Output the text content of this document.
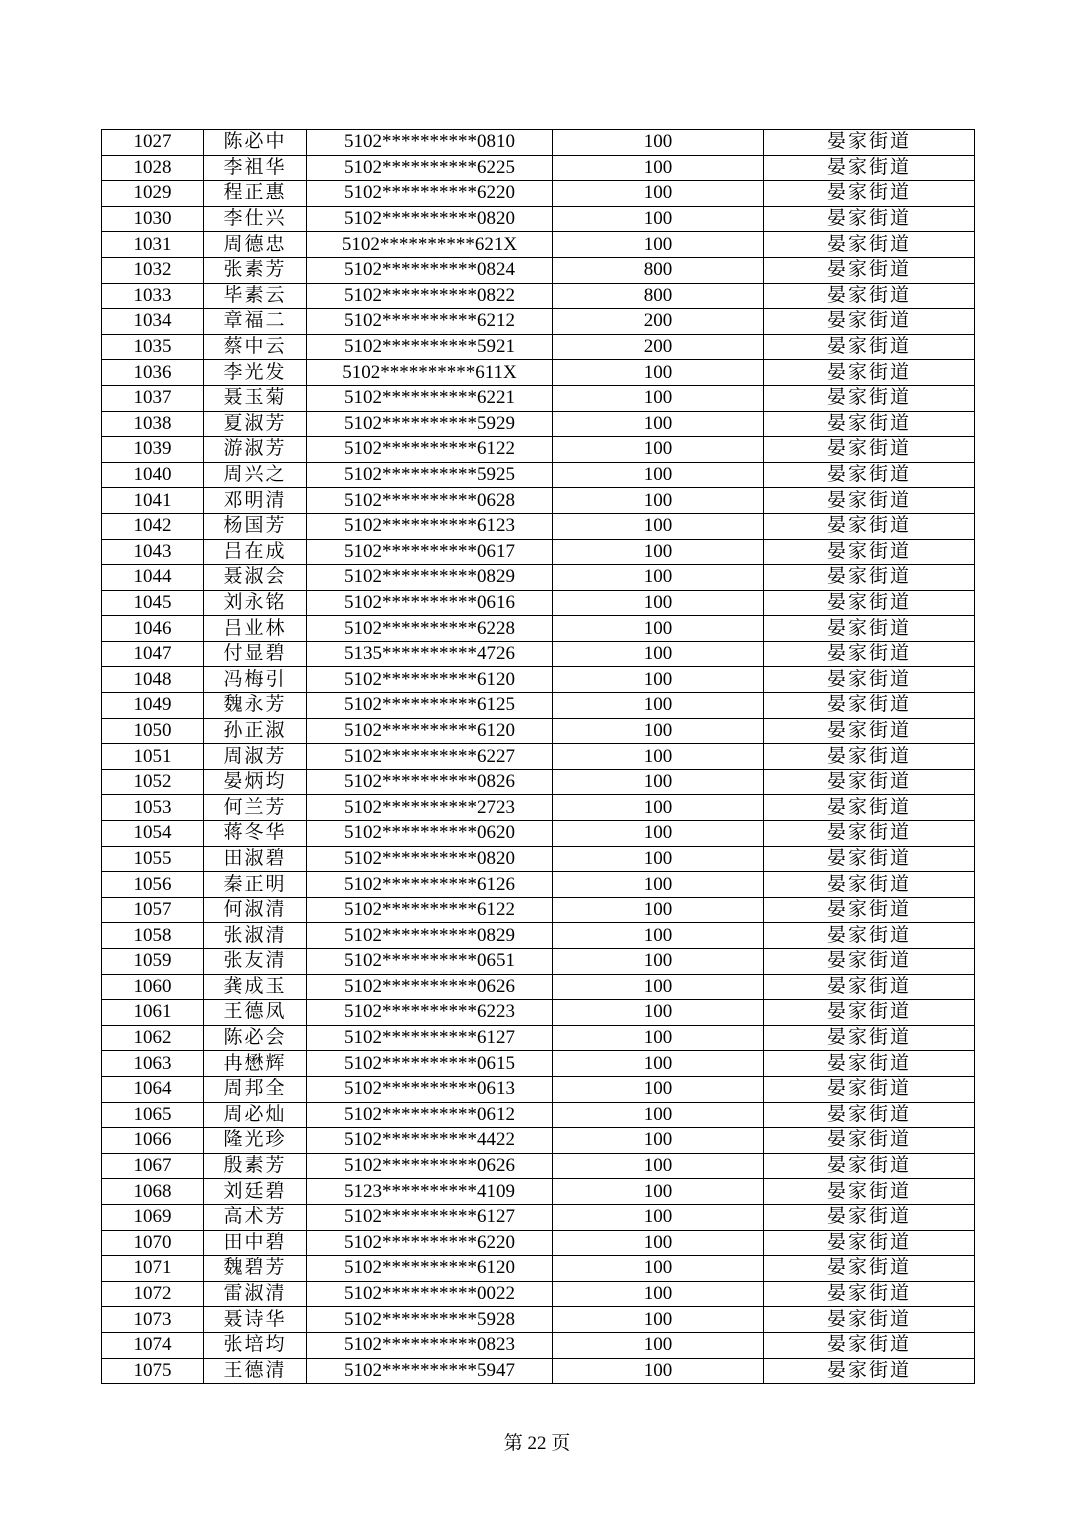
1027	陈必中	5102**********0810	100	晏家街道
1028	李祖华	5102**********6225	100	晏家街道
1029	程正惠	5102**********6220	100	晏家街道
1030	李仕兴	5102**********0820	100	晏家街道
1031	周德忠	5102**********621X	100	晏家街道
1032	张素芳	5102**********0824	800	晏家街道
1033	毕素云	5102**********0822	800	晏家街道
1034	章福二	5102**********6212	200	晏家街道
1035	蔡中云	5102**********5921	200	晏家街道
1036	李光发	5102**********611X	100	晏家街道
1037	聂玉菊	5102**********6221	100	晏家街道
1038	夏淑芳	5102**********5929	100	晏家街道
1039	游淑芳	5102**********6122	100	晏家街道
1040	周兴之	5102**********5925	100	晏家街道
1041	邓明清	5102**********0628	100	晏家街道
1042	杨国芳	5102**********6123	100	晏家街道
1043	吕在成	5102**********0617	100	晏家街道
1044	聂淑会	5102**********0829	100	晏家街道
1045	刘永铭	5102**********0616	100	晏家街道
1046	吕业林	5102**********6228	100	晏家街道
1047	付显碧	5135**********4726	100	晏家街道
1048	冯梅引	5102**********6120	100	晏家街道
1049	魏永芳	5102**********6125	100	晏家街道
1050	孙正淑	5102**********6120	100	晏家街道
1051	周淑芳	5102**********6227	100	晏家街道
1052	晏炳均	5102**********0826	100	晏家街道
1053	何兰芳	5102**********2723	100	晏家街道
1054	蒋冬华	5102**********0620	100	晏家街道
1055	田淑碧	5102**********0820	100	晏家街道
1056	秦正明	5102**********6126	100	晏家街道
1057	何淑清	5102**********6122	100	晏家街道
1058	张淑清	5102**********0829	100	晏家街道
1059	张友清	5102**********0651	100	晏家街道
1060	龚成玉	5102**********0626	100	晏家街道
1061	王德凤	5102**********6223	100	晏家街道
1062	陈必会	5102**********6127	100	晏家街道
1063	冉懋辉	5102**********0615	100	晏家街道
1064	周邦全	5102**********0613	100	晏家街道
1065	周必灿	5102**********0612	100	晏家街道
1066	隆光珍	5102**********4422	100	晏家街道
1067	殷素芳	5102**********0626	100	晏家街道
1068	刘廷碧	5123**********4109	100	晏家街道
1069	高术芳	5102**********6127	100	晏家街道
1070	田中碧	5102**********6220	100	晏家街道
1071	魏碧芳	5102**********6120	100	晏家街道
1072	雷淑清	5102**********0022	100	晏家街道
1073	聂诗华	5102**********5928	100	晏家街道
1074	张培均	5102**********0823	100	晏家街道
1075	王德清	5102**********5947	100	晏家街道
第 22 页
